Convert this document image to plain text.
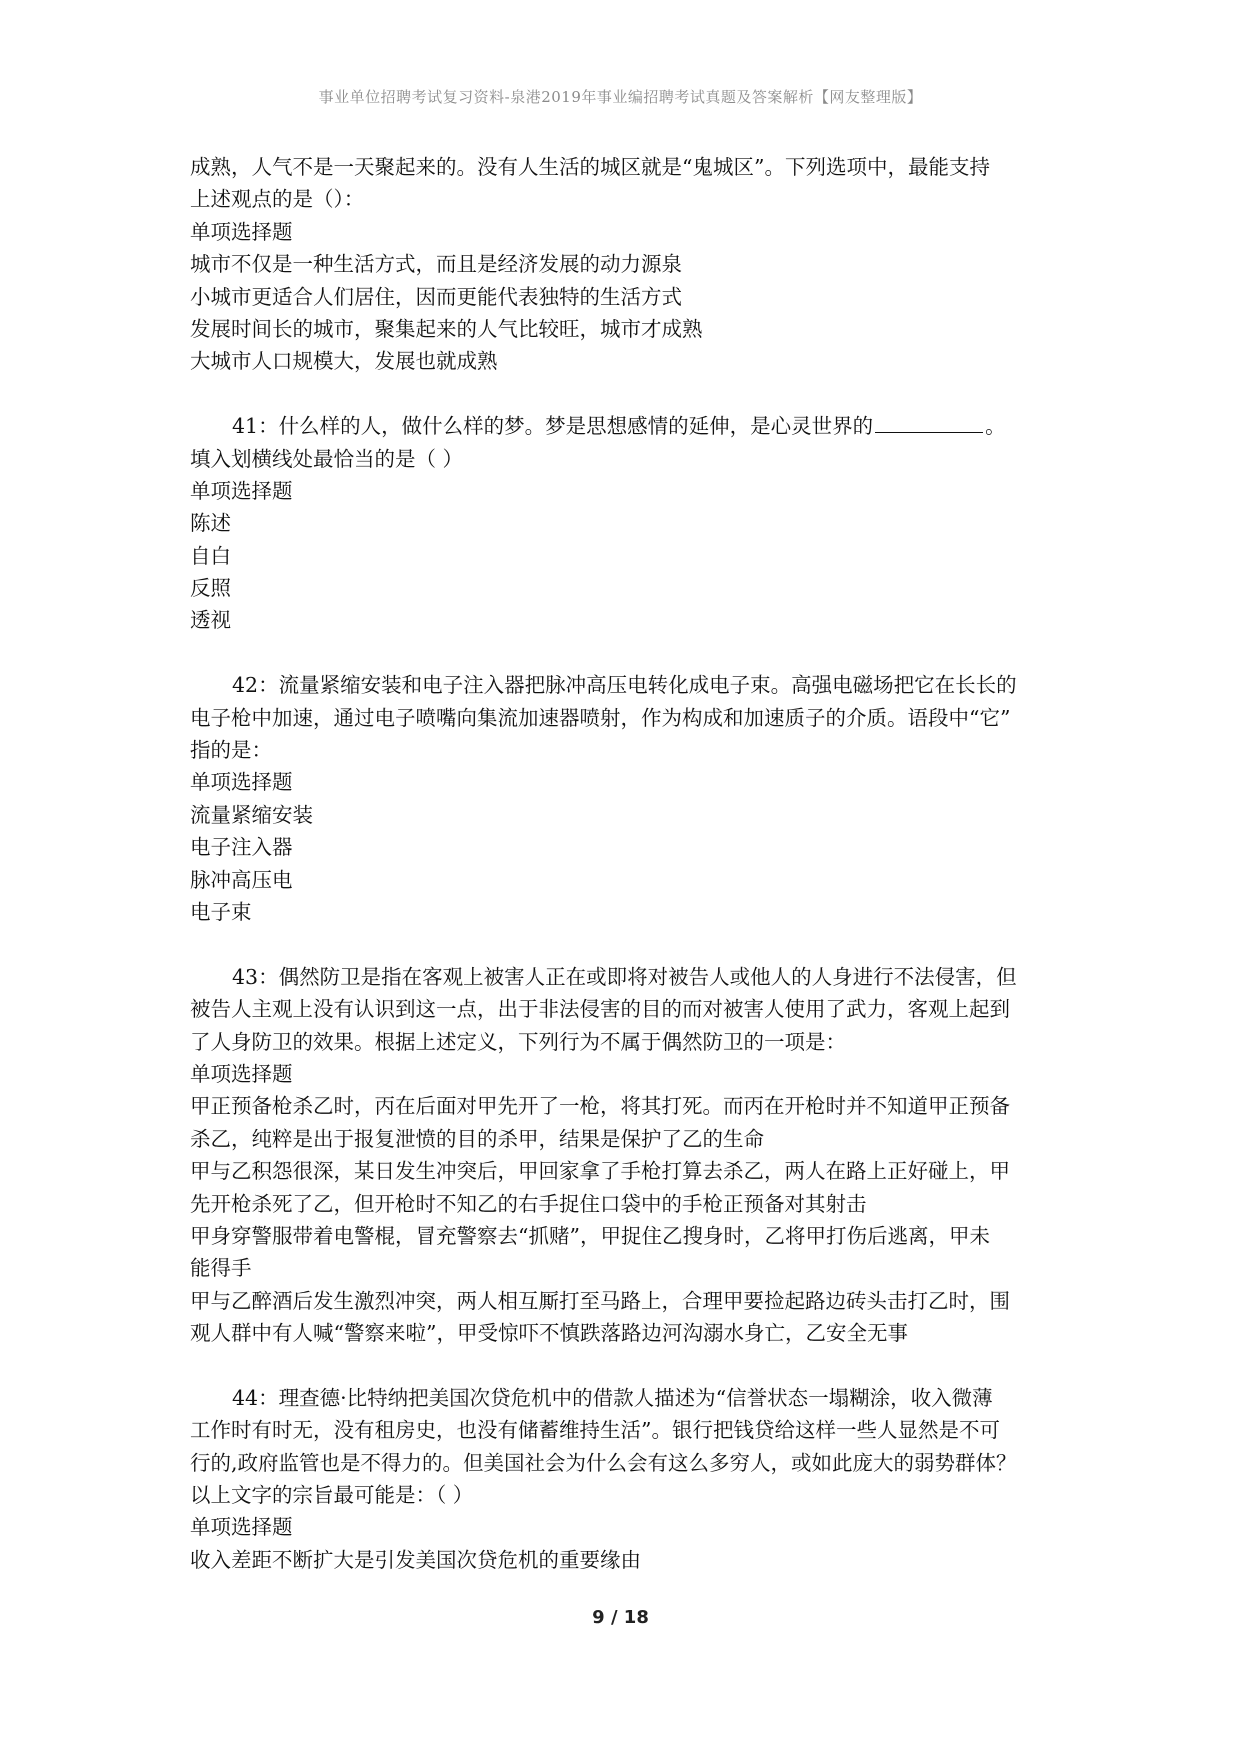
事业单位招聘考试复习资料-泉港2019年事业编招聘考试真题及答案解析【网友整理版】
成熟，人气不是一天聚起来的。没有人生活的城区就是“鬼城区”。下列选项中，最能支持
上述观点的是（）：
单项选择题
城市不仅是一种生活方式，而且是经济发展的动力源泉
小城市更适合人们居住，因而更能代表独特的生活方式
发展时间长的城市，聚集起来的人气比较旺，城市才成熟
大城市人口规模大，发展也就成熟
41：什么样的人，做什么样的梦。梦是思想感情的延伸，是心灵世界的	。
填入划横线处最恰当的是（ ）
单项选择题
陈述
自白
反照
透视
42：流量紧缩安装和电子注入器把脉冲高压电转化成电子束。高强电磁场把它在长长的
电子枪中加速，通过电子喷嘴向集流加速器喷射，作为构成和加速质子的介质。语段中“它”
指的是：
单项选择题
流量紧缩安装
电子注入器
脉冲高压电
电子束
43：偶然防卫是指在客观上被害人正在或即将对被告人或他人的人身进行不法侵害，但
被告人主观上没有认识到这一点，出于非法侵害的目的而对被害人使用了武力，客观上起到
了人身防卫的效果。根据上述定义，下列行为不属于偶然防卫的一项是：
单项选择题
甲正预备枪杀乙时，丙在后面对甲先开了一枪，将其打死。而丙在开枪时并不知道甲正预备
杀乙，纯粹是出于报复泄愤的目的杀甲，结果是保护了乙的生命
甲与乙积怨很深，某日发生冲突后，甲回家拿了手枪打算去杀乙，两人在路上正好碰上，甲
先开枪杀死了乙，但开枪时不知乙的右手捉住口袋中的手枪正预备对其射击
甲身穿警服带着电警棍，冒充警察去“抓赌”，甲捉住乙搜身时，乙将甲打伤后逃离，甲未
能得手
甲与乙醉酒后发生激烈冲突，两人相互厮打至马路上，合理甲要捡起路边砖头击打乙时，围
观人群中有人喊“警察来啦”，甲受惊吓不慎跌落路边河沟溺水身亡，乙安全无事
44：理查德·比特纳把美国次贷危机中的借款人描述为“信誉状态一塌糊涂，收入微薄
工作时有时无，没有租房史，也没有储蓄维持生活”。银行把钱贷给这样一些人显然是不可
行的,政府监管也是不得力的。但美国社会为什么会有这么多穷人，或如此庞大的弱势群体？
以上文字的宗旨最可能是：（ ）
单项选择题
收入差距不断扩大是引发美国次贷危机的重要缘由
9 / 18
